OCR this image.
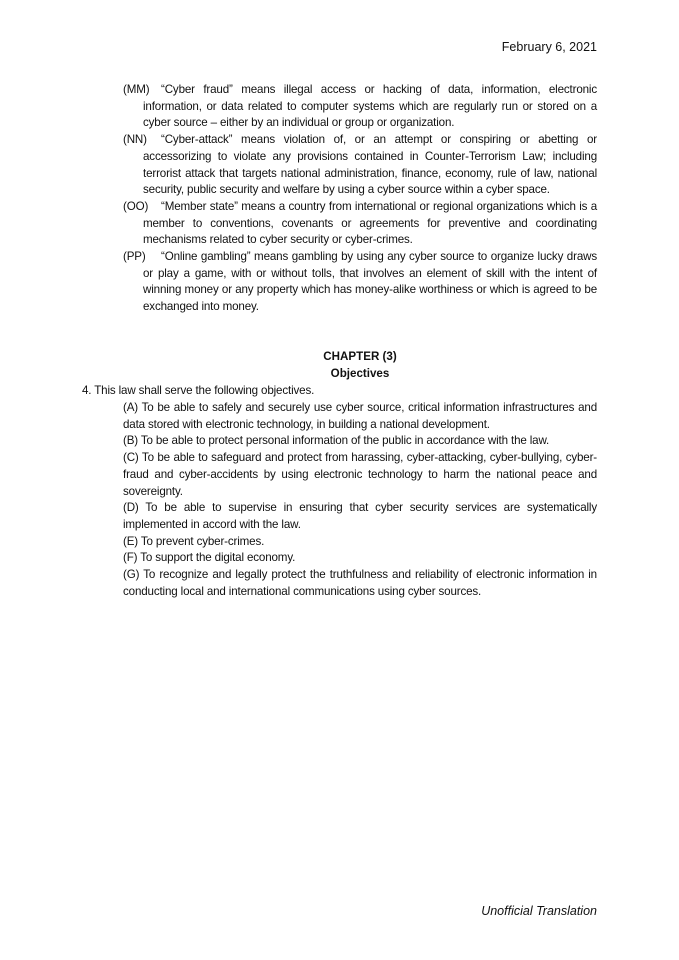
February 6, 2021
(MM) “Cyber fraud” means illegal access or hacking of data, information, electronic information, or data related to computer systems which are regularly run or stored on a cyber source – either by an individual or group or organization.
(NN) “Cyber-attack” means violation of, or an attempt or conspiring or abetting or accessorizing to violate any provisions contained in Counter-Terrorism Law; including terrorist attack that targets national administration, finance, economy, rule of law, national security, public security and welfare by using a cyber source within a cyber space.
(OO) “Member state” means a country from international or regional organizations which is a member to conventions, covenants or agreements for preventive and coordinating mechanisms related to cyber security or cyber-crimes.
(PP) “Online gambling” means gambling by using any cyber source to organize lucky draws or play a game, with or without tolls, that involves an element of skill with the intent of winning money or any property which has money-alike worthiness or which is agreed to be exchanged into money.
CHAPTER (3)
Objectives
4. This law shall serve the following objectives.
(A) To be able to safely and securely use cyber source, critical information infrastructures and data stored with electronic technology, in building a national development.
(B) To be able to protect personal information of the public in accordance with the law.
(C) To be able to safeguard and protect from harassing, cyber-attacking, cyber-bullying, cyber-fraud and cyber-accidents by using electronic technology to harm the national peace and sovereignty.
(D) To be able to supervise in ensuring that cyber security services are systematically implemented in accord with the law.
(E) To prevent cyber-crimes.
(F) To support the digital economy.
(G) To recognize and legally protect the truthfulness and reliability of electronic information in conducting local and international communications using cyber sources.
Unofficial Translation
